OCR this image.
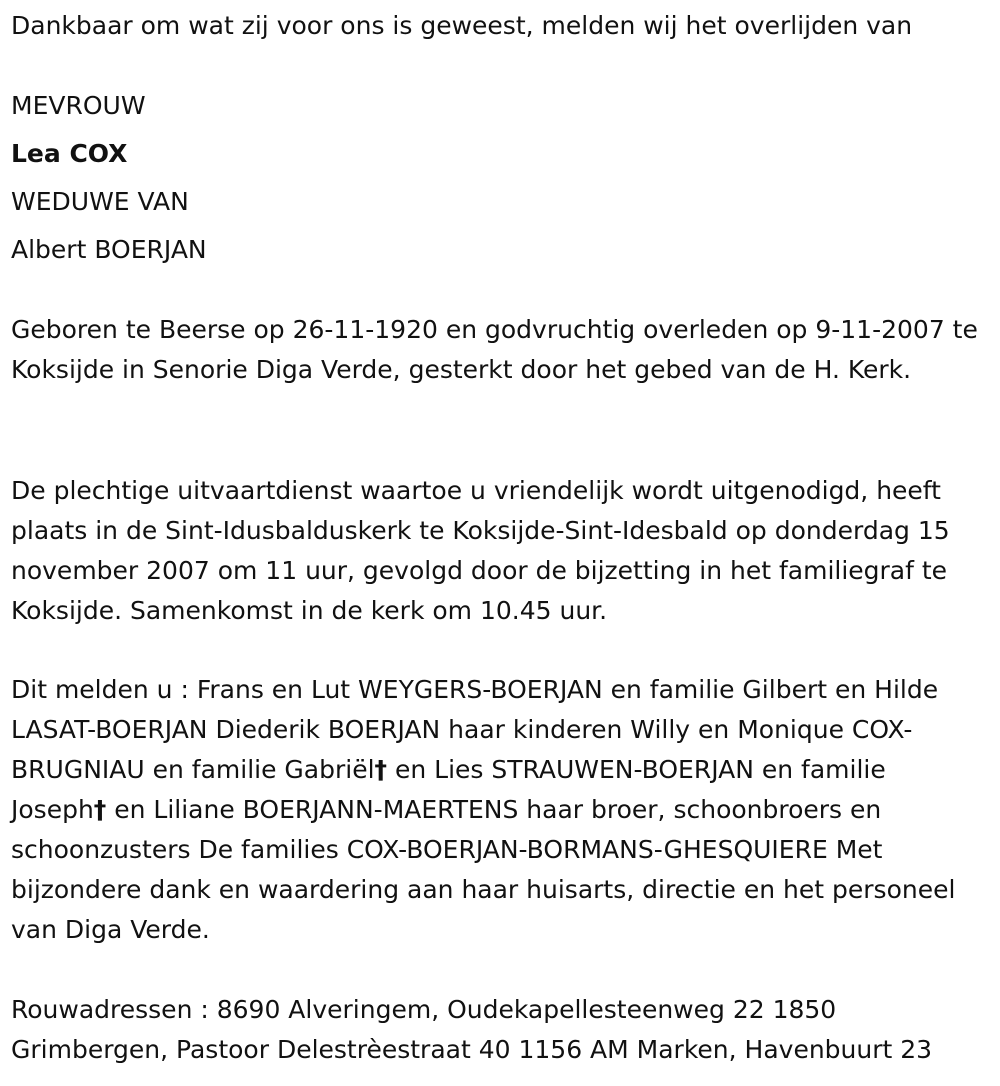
Dankbaar om wat zij voor ons is geweest, melden wij het overlijden van
MEVROUW
Lea COX
WEDUWE VAN
Albert BOERJAN
Geboren te Beerse op 26-11-1920 en godvruchtig overleden op 9-11-2007 te Koksijde in Senorie Diga Verde, gesterkt door het gebed van de H. Kerk.
De plechtige uitvaartdienst waartoe u vriendelijk wordt uitgenodigd, heeft plaats in de Sint-Idusbalduskerk te Koksijde-Sint-Idesbald op donderdag 15 november 2007 om 11 uur, gevolgd door de bijzetting in het familiegraf te Koksijde. Samenkomst in de kerk om 10.45 uur.
Dit melden u : Frans en Lut WEYGERS-BOERJAN en familie Gilbert en Hilde LASAT-BOERJAN Diederik BOERJAN haar kinderen Willy en Monique COX-BRUGNIAU en familie Gabriël† en Lies STRAUWEN-BOERJAN en familie Joseph† en Liliane BOERJANN-MAERTENS haar broer, schoonbroers en schoonzusters De families COX-BOERJAN-BORMANS-GHESQUIERE Met bijzondere dank en waardering aan haar huisarts, directie en het personeel van Diga Verde.
Rouwadressen : 8690 Alveringem, Oudekapellesteenweg 22 1850 Grimbergen, Pastoor Delestrèestraat 40 1156 AM Marken, Havenbuurt 23
